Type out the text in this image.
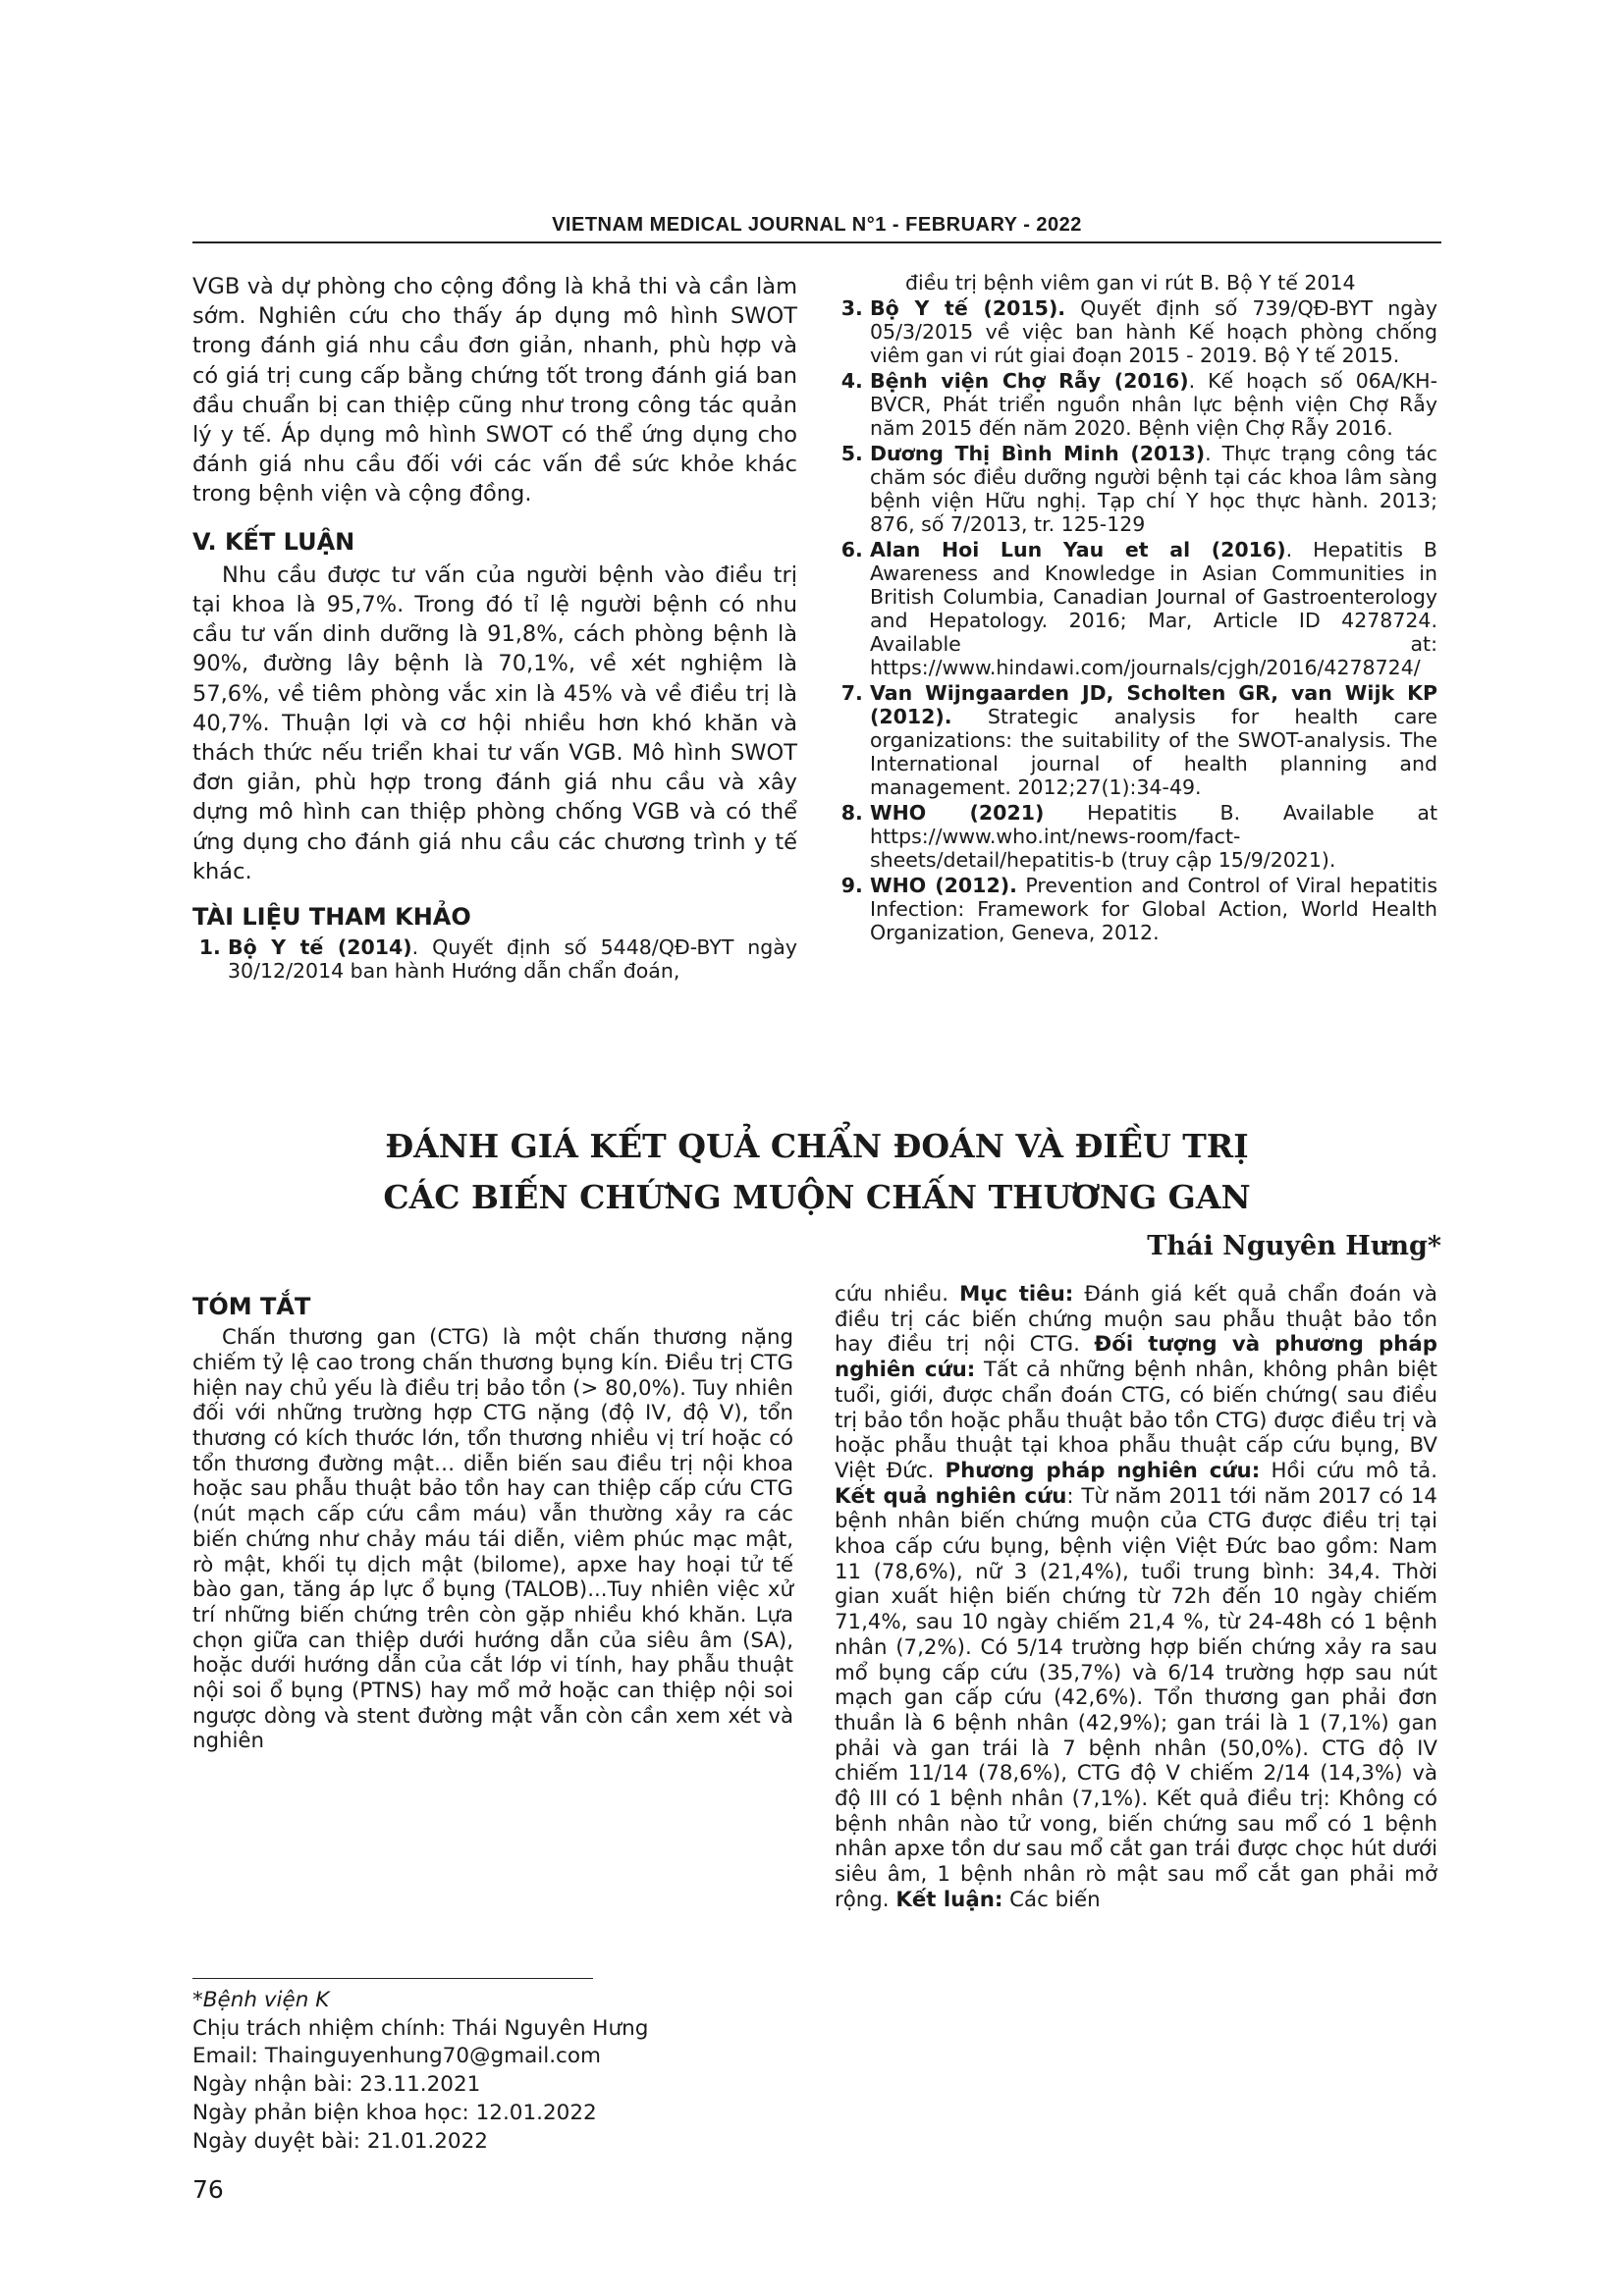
VIETNAM MEDICAL JOURNAL N°1 - FEBRUARY - 2022

VGB và dự phòng cho cộng đồng là khả thi và cần làm sớm. Nghiên cứu cho thấy áp dụng mô hình SWOT trong đánh giá nhu cầu đơn giản, nhanh, phù hợp và có giá trị cung cấp bằng chứng tốt trong đánh giá ban đầu chuẩn bị can thiệp cũng như trong công tác quản lý y tế. Áp dụng mô hình SWOT có thể ứng dụng cho đánh giá nhu cầu đối với các vấn đề sức khỏe khác trong bệnh viện và cộng đồng.

V. KẾT LUẬN

Nhu cầu được tư vấn của người bệnh vào điều trị tại khoa là 95,7%. Trong đó tỉ lệ người bệnh có nhu cầu tư vấn dinh dưỡng là 91,8%, cách phòng bệnh là 90%, đường lây bệnh là 70,1%, về xét nghiệm là 57,6%, về tiêm phòng vắc xin là 45% và về điều trị là 40,7%. Thuận lợi và cơ hội nhiều hơn khó khăn và thách thức nếu triển khai tư vấn VGB. Mô hình SWOT đơn giản, phù hợp trong đánh giá nhu cầu và xây dựng mô hình can thiệp phòng chống VGB và có thể ứng dụng cho đánh giá nhu cầu các chương trình y tế khác.

TÀI LIỆU THAM KHẢO
1. Bộ Y tế (2014). Quyết định số 5448/QĐ-BYT ngày 30/12/2014 ban hành Hướng dẫn chẩn đoán,
điều trị bệnh viêm gan vi rút B. Bộ Y tế 2014
3. Bộ Y tế (2015). Quyết định số 739/QĐ-BYT ngày 05/3/2015 về việc ban hành Kế hoạch phòng chống viêm gan vi rút giai đoạn 2015 - 2019. Bộ Y tế 2015.
4. Bệnh viện Chợ Rẫy (2016). Kế hoạch số 06A/KH-BVCR, Phát triển nguồn nhân lực bệnh viện Chợ Rẫy năm 2015 đến năm 2020. Bệnh viện Chợ Rẫy 2016.
5. Dương Thị Bình Minh (2013). Thực trạng công tác chăm sóc điều dưỡng người bệnh tại các khoa lâm sàng bệnh viện Hữu nghị. Tạp chí Y học thực hành. 2013; 876, số 7/2013, tr. 125-129
6. Alan Hoi Lun Yau et al (2016). Hepatitis B Awareness and Knowledge in Asian Communities in British Columbia, Canadian Journal of Gastroenterology and Hepatology. 2016; Mar, Article ID 4278724. Available at: https://www.hindawi.com/journals/cjgh/2016/4278724/
7. Van Wijngaarden JD, Scholten GR, van Wijk KP (2012). Strategic analysis for health care organizations: the suitability of the SWOT-analysis. The International journal of health planning and management. 2012;27(1):34-49.
8. WHO (2021) Hepatitis B. Available at https://www.who.int/news-room/fact-sheets/detail/hepatitis-b (truy cập 15/9/2021).
9. WHO (2012). Prevention and Control of Viral hepatitis Infection: Framework for Global Action, World Health Organization, Geneva, 2012.
ĐÁNH GIÁ KẾT QUẢ CHẨN ĐOÁN VÀ ĐIỀU TRỊ
CÁC BIẾN CHỨNG MUỘN CHẤN THƯƠNG GAN
Thái Nguyên Hưng*
TÓM TẮT

Chấn thương gan (CTG) là một chấn thương nặng chiếm tỷ lệ cao trong chấn thương bụng kín. Điều trị CTG hiện nay chủ yếu là điều trị bảo tồn (> 80,0%). Tuy nhiên đối với những trường hợp CTG nặng (độ IV, độ V), tổn thương có kích thước lớn, tổn thương nhiều vị trí hoặc có tổn thương đường mật… diễn biến sau điều trị nội khoa hoặc sau phẫu thuật bảo tồn hay can thiệp cấp cứu CTG (nút mạch cấp cứu cầm máu) vẫn thường xảy ra các biến chứng như chảy máu tái diễn, viêm phúc mạc mật, rò mật, khối tụ dịch mật (bilome), apxe hay hoại tử tế bào gan, tăng áp lực ổ bụng (TALOB)...Tuy nhiên việc xử trí những biến chứng trên còn gặp nhiều khó khăn. Lựa chọn giữa can thiệp dưới hướng dẫn của siêu âm (SA), hoặc dưới hướng dẫn của cắt lớp vi tính, hay phẫu thuật nội soi ổ bụng (PTNS) hay mổ mở hoặc can thiệp nội soi ngược dòng và stent đường mật vẫn còn cần xem xét và nghiên

cứu nhiều. Mục tiêu: Đánh giá kết quả chẩn đoán và điều trị các biến chứng muộn sau phẫu thuật bảo tồn hay điều trị nội CTG. Đối tượng và phương pháp nghiên cứu: Tất cả những bệnh nhân, không phân biệt tuổi, giới, được chẩn đoán CTG, có biến chứng( sau điều trị bảo tồn hoặc phẫu thuật bảo tồn CTG) được điều trị và hoặc phẫu thuật tại khoa phẫu thuật cấp cứu bụng, BV Việt Đức. Phương pháp nghiên cứu: Hồi cứu mô tả. Kết quả nghiên cứu: Từ năm 2011 tới năm 2017 có 14 bệnh nhân biến chứng muộn của CTG được điều trị tại khoa cấp cứu bụng, bệnh viện Việt Đức bao gồm: Nam 11 (78,6%), nữ 3 (21,4%), tuổi trung bình: 34,4. Thời gian xuất hiện biến chứng từ 72h đến 10 ngày chiếm 71,4%, sau 10 ngày chiếm 21,4 %, từ 24-48h có 1 bệnh nhân (7,2%). Có 5/14 trường hợp biến chứng xảy ra sau mổ bụng cấp cứu (35,7%) và 6/14 trường hợp sau nút mạch gan cấp cứu (42,6%). Tổn thương gan phải đơn thuần là 6 bệnh nhân (42,9%); gan trái là 1 (7,1%) gan phải và gan trái là 7 bệnh nhân (50,0%). CTG độ IV chiếm 11/14 (78,6%), CTG độ V chiếm 2/14 (14,3%) và độ III có 1 bệnh nhân (7,1%). Kết quả điều trị: Không có bệnh nhân nào tử vong, biến chứng sau mổ có 1 bệnh nhân apxe tồn dư sau mổ cắt gan trái được chọc hút dưới siêu âm, 1 bệnh nhân rò mật sau mổ cắt gan phải mở rộng. Kết luận: Các biến

*Bệnh viện K
Chịu trách nhiệm chính: Thái Nguyên Hưng
Email: Thainguyenhung70@gmail.com
Ngày nhận bài: 23.11.2021
Ngày phản biện khoa học: 12.01.2022
Ngày duyệt bài: 21.01.2022
76
